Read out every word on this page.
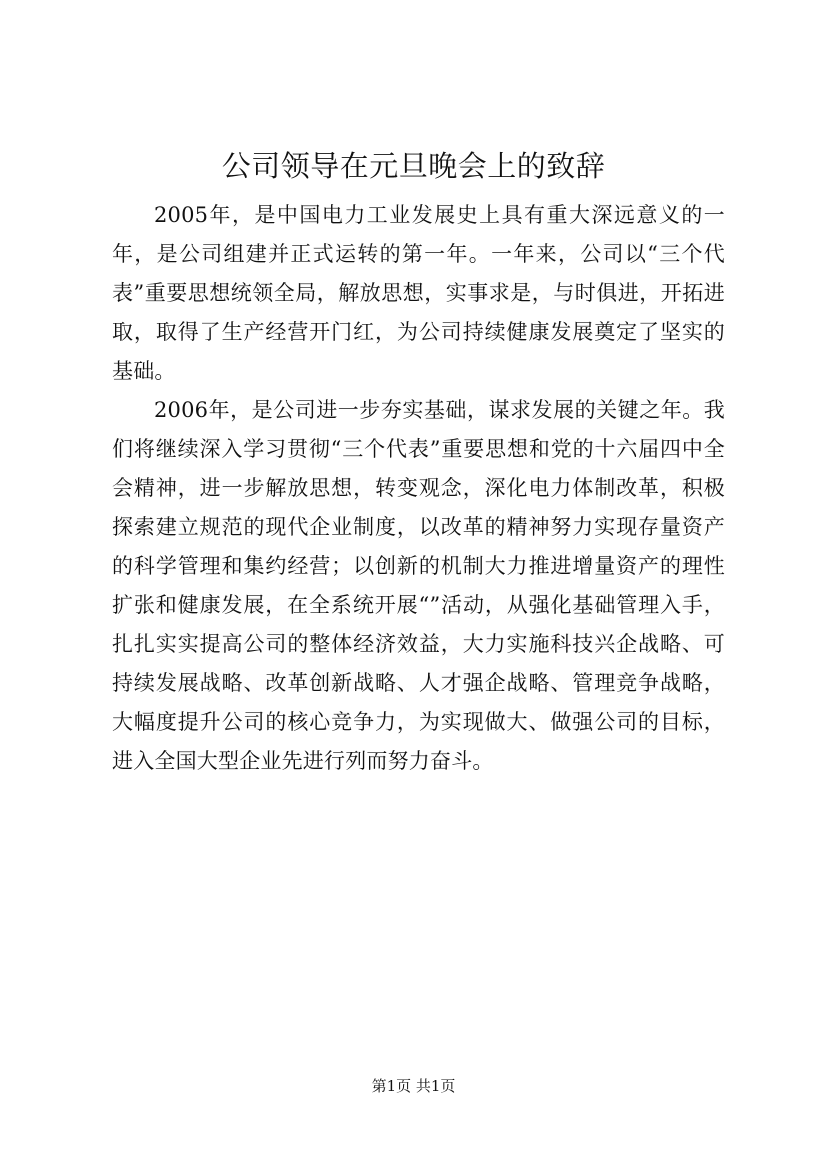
公司领导在元旦晚会上的致辞

2005年，是中国电力工业发展史上具有重大深远意义的一年，是公司组建并正式运转的第一年。一年来，公司以“三个代表”重要思想统领全局，解放思想，实事求是，与时俱进，开拓进取，取得了生产经营开门红，为公司持续健康发展奠定了坚实的基础。

2006年，是公司进一步夯实基础，谋求发展的关键之年。我们将继续深入学习贯彻“三个代表”重要思想和党的十六届四中全会精神，进一步解放思想，转变观念，深化电力体制改革，积极探索建立规范的现代企业制度，以改革的精神努力实现存量资产的科学管理和集约经营；以创新的机制大力推进增量资产的理性扩张和健康发展，在全系统开展“”活动，从强化基础管理入手，扎扎实实提高公司的整体经济效益，大力实施科技兴企战略、可持续发展战略、改革创新战略、人才强企战略、管理竞争战略，大幅度提升公司的核心竞争力，为实现做大、做强公司的目标，进入全国大型企业先进行列而努力奋斗。

第1页 共1页
